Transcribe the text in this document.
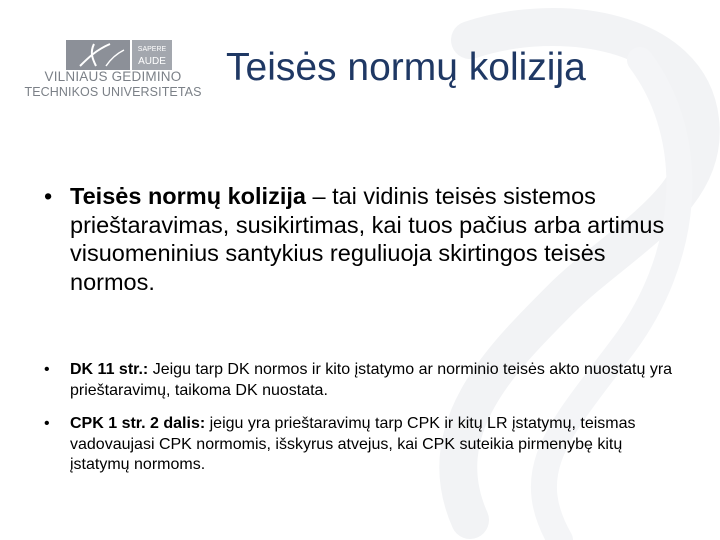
SAPERE
AUDE
VILNIAUS GEDIMINO
TECHNIKOS UNIVERSITETAS
Teisės normų kolizija
• Teisės normų kolizija – tai vidinis teisės sistemos prieštaravimas, susikirtimas, kai tuos pačius arba artimus visuomeninius santykius reguliuoja skirtingos teisės normos.
• DK 11 str.: Jeigu tarp DK normos ir kito įstatymo ar norminio teisės akto nuostatų yra prieštaravimų, taikoma DK nuostata.
• CPK 1 str. 2 dalis: jeigu yra prieštaravimų tarp CPK ir kitų LR įstatymų, teismas vadovaujasi CPK normomis, išskyrus atvejus, kai CPK suteikia pirmenybę kitų įstatymų normoms.
